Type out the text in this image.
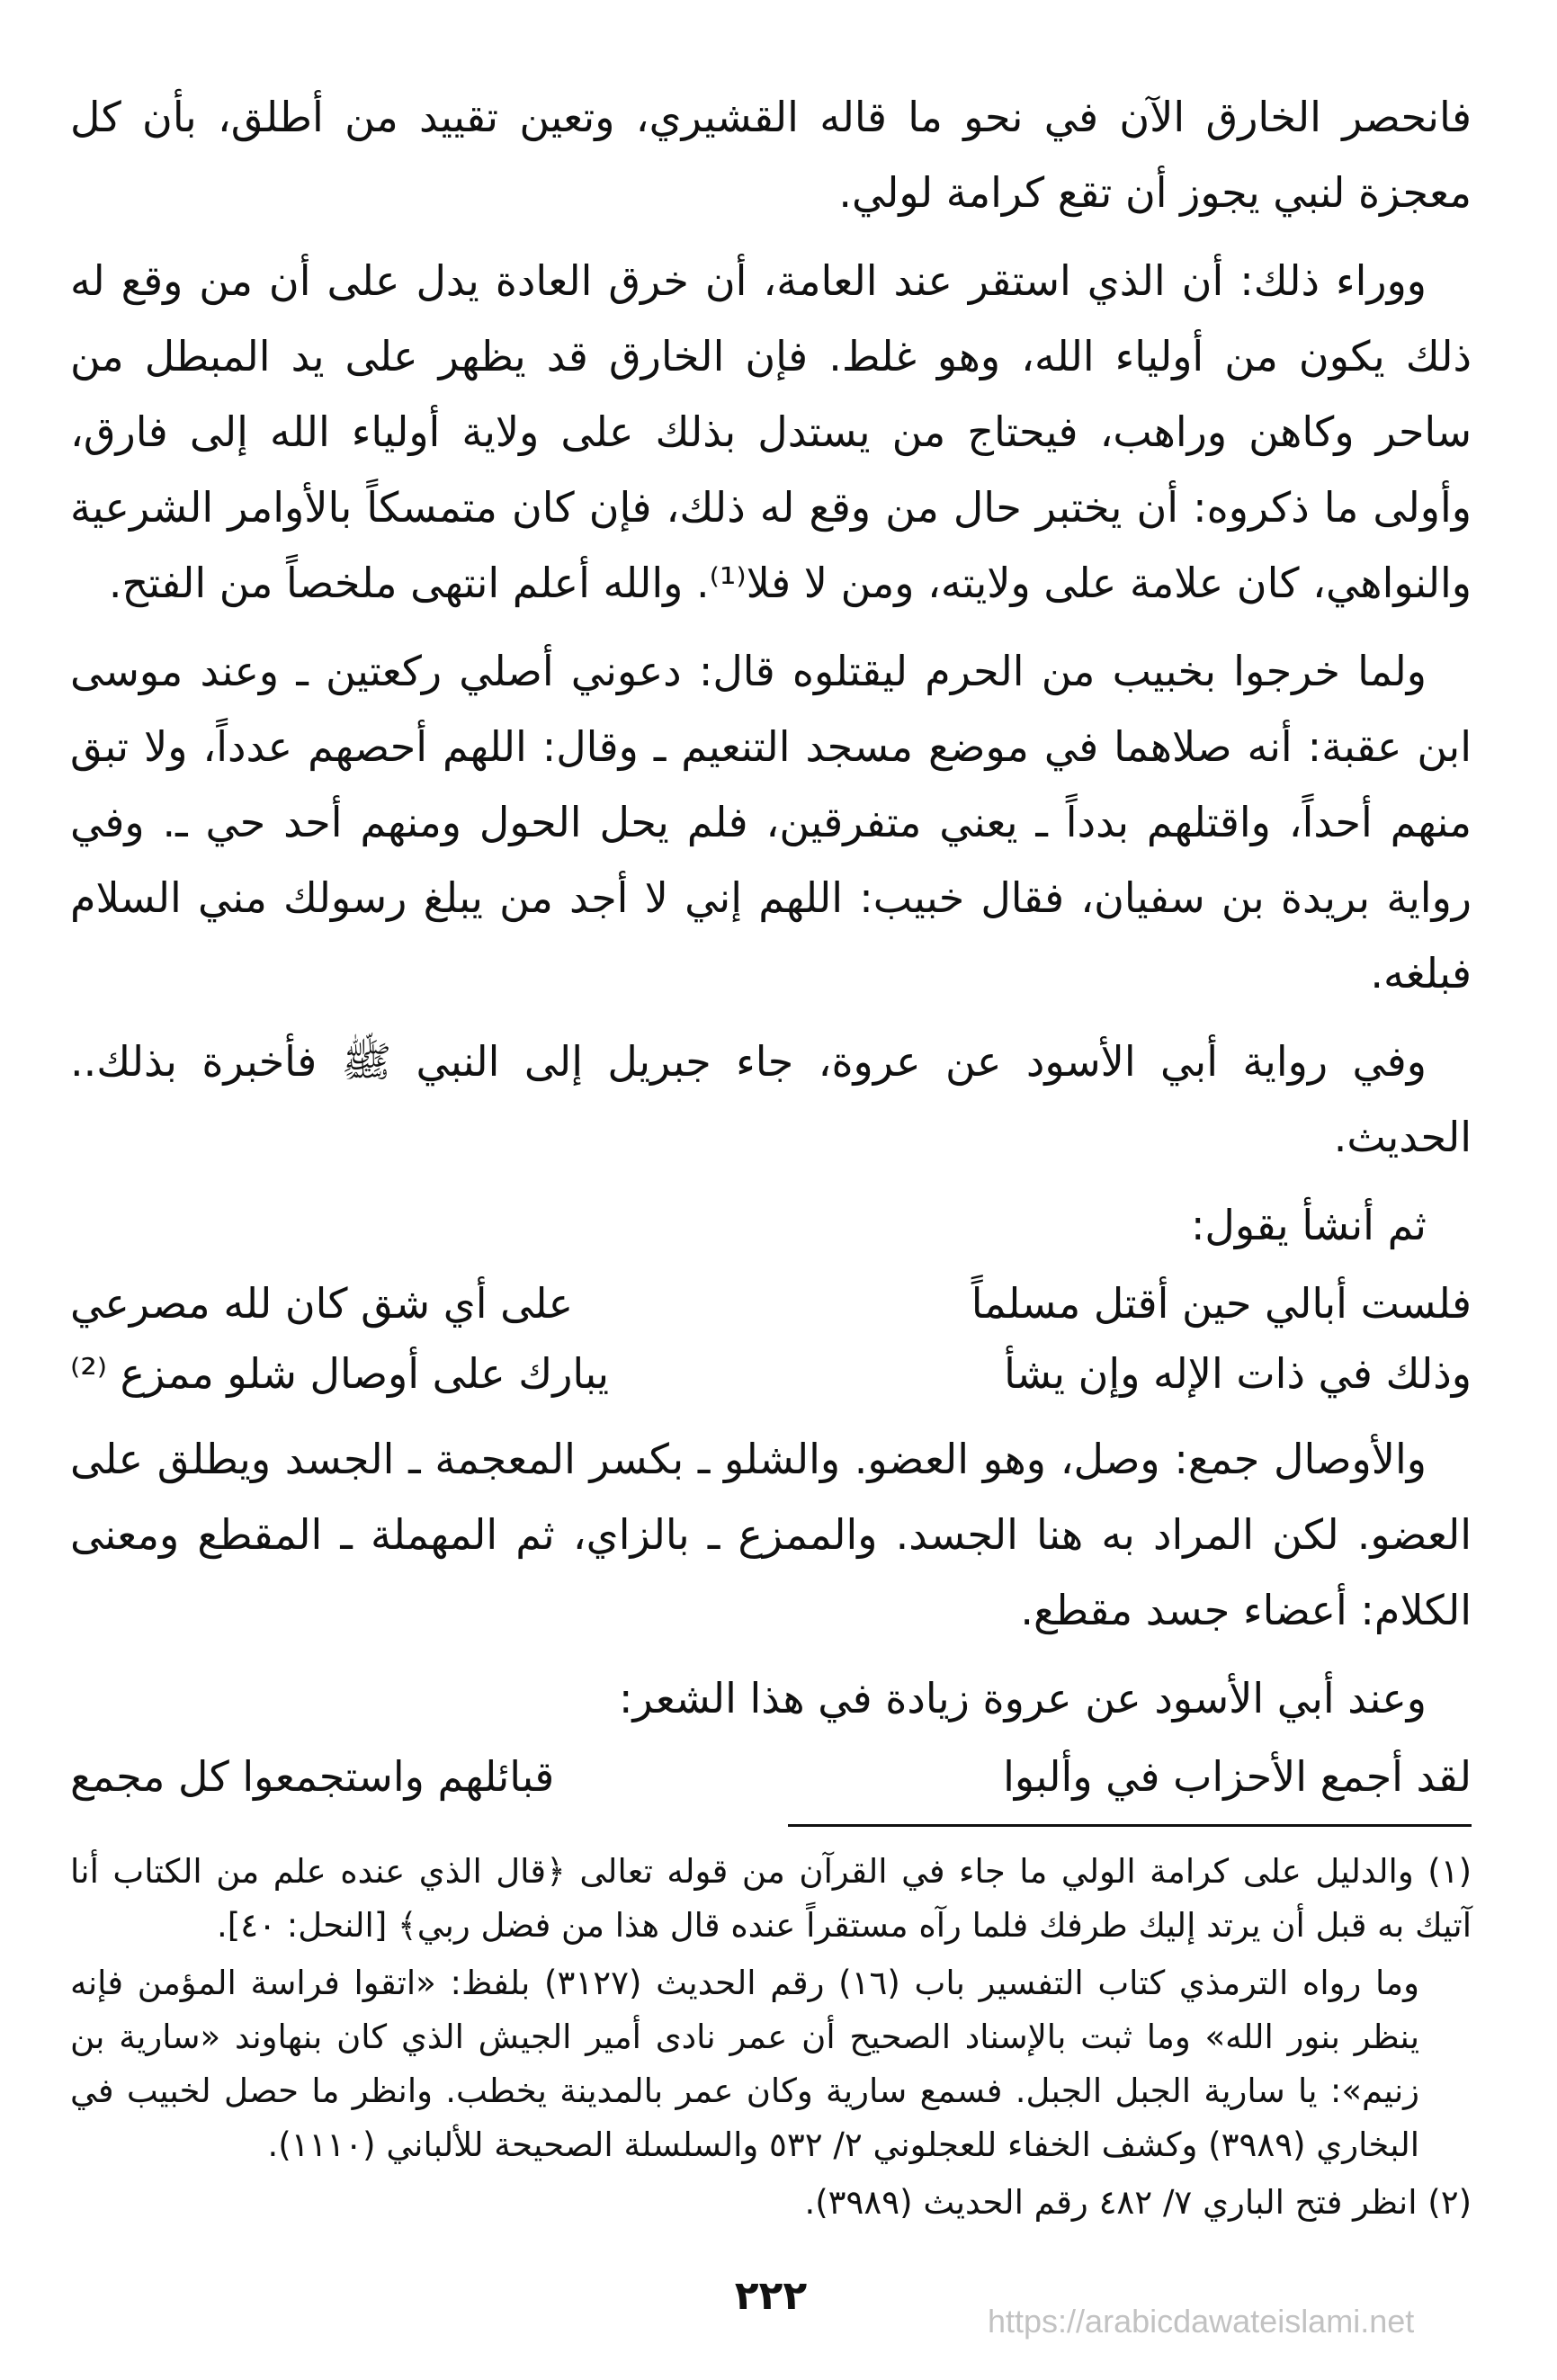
فانحصر الخارق الآن في نحو ما قاله القشيري، وتعين تقييد من أطلق، بأن كل معجزة لنبي يجوز أن تقع كرامة لولي.

ووراء ذلك: أن الذي استقر عند العامة، أن خرق العادة يدل على أن من وقع له ذلك يكون من أولياء الله، وهو غلط. فإن الخارق قد يظهر على يد المبطل من ساحر وكاهن وراهب، فيحتاج من يستدل بذلك على ولاية أولياء الله إلى فارق، وأولى ما ذكروه: أن يختبر حال من وقع له ذلك، فإن كان متمسكاً بالأوامر الشرعية والنواهي، كان علامة على ولايته، ومن لا فلا⁽¹⁾. والله أعلم انتهى ملخصاً من الفتح.

ولما خرجوا بخبيب من الحرم ليقتلوه قال: دعوني أصلي ركعتين ـ وعند موسى ابن عقبة: أنه صلاهما في موضع مسجد التنعيم ـ وقال: اللهم أحصهم عدداً، ولا تبق منهم أحداً، واقتلهم بدداً ـ يعني متفرقين، فلم يحل الحول ومنهم أحد حي ـ. وفي رواية بريدة بن سفيان، فقال خبيب: اللهم إني لا أجد من يبلغ رسولك مني السلام فبلغه.

وفي رواية أبي الأسود عن عروة، جاء جبريل إلى النبي ﷺ فأخبرة بذلك.. الحديث.

ثم أنشأ يقول:
فلست أبالي حين أقتل مسلماً
على أي شق كان لله مصرعي
وذلك في ذات الإله وإن يشأ
يبارك على أوصال شلو ممزع ⁽²⁾

والأوصال جمع: وصل، وهو العضو. والشلو ـ بكسر المعجمة ـ الجسد ويطلق على العضو. لكن المراد به هنا الجسد. والممزع ـ بالزاي، ثم المهملة ـ المقطع ومعنى الكلام: أعضاء جسد مقطع.

وعند أبي الأسود عن عروة زيادة في هذا الشعر:
لقد أجمع الأحزاب في وألبوا
قبائلهم واستجمعوا كل مجمع

(١) والدليل على كرامة الولي ما جاء في القرآن من قوله تعالى ﴿قال الذي عنده علم من الكتاب أنا آتيك به قبل أن يرتد إليك طرفك فلما رآه مستقراً عنده قال هذا من فضل ربي﴾ [النحل: ٤٠].

وما رواه الترمذي كتاب التفسير باب (١٦) رقم الحديث (٣١٢٧) بلفظ: «اتقوا فراسة المؤمن فإنه ينظر بنور الله» وما ثبت بالإسناد الصحيح أن عمر نادى أمير الجيش الذي كان بنهاوند «سارية بن زنيم»: يا سارية الجبل الجبل. فسمع سارية وكان عمر بالمدينة يخطب. وانظر ما حصل لخبيب في البخاري (٣٩٨٩) وكشف الخفاء للعجلوني ٢/ ٥٣٢ والسلسلة الصحيحة للألباني (١١١٠).

(٢) انظر فتح الباري ٧/ ٤٨٢ رقم الحديث (٣٩٨٩).

٢٢٢
https://arabicdawateislami.net
